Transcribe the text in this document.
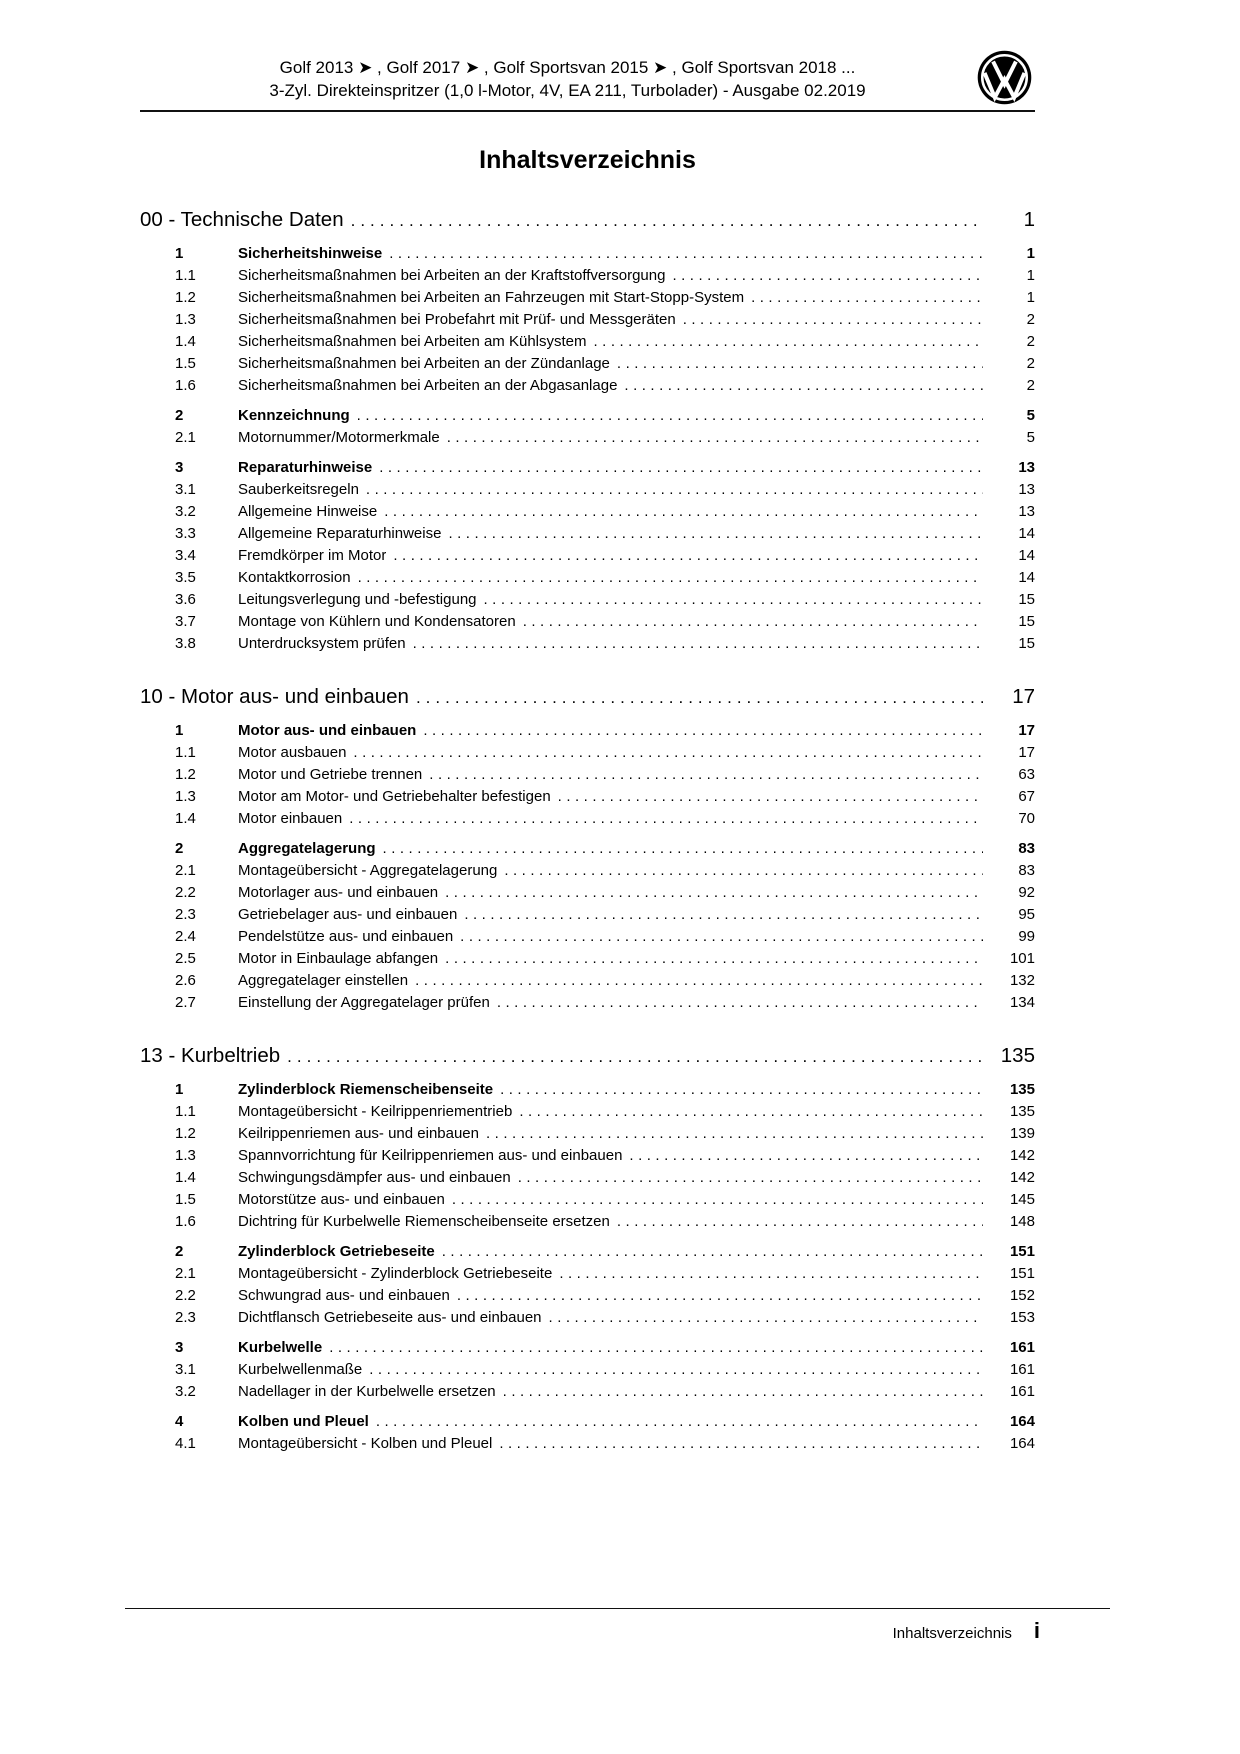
Golf 2013 ➤ , Golf 2017 ➤ , Golf Sportsvan 2015 ➤ , Golf Sportsvan 2018 ...
3-Zyl. Direkteinspritzer (1,0 l-Motor, 4V, EA 211, Turbolader) - Ausgabe 02.2019
Inhaltsverzeichnis
00 - Technische Daten .....	1
1	Sicherheitshinweise .....	1
1.1	Sicherheitsmaßnahmen bei Arbeiten an der Kraftstoffversorgung .....	1
1.2	Sicherheitsmaßnahmen bei Arbeiten an Fahrzeugen mit Start-Stopp-System .....	1
1.3	Sicherheitsmaßnahmen bei Probefahrt mit Prüf- und Messgeräten .....	2
1.4	Sicherheitsmaßnahmen bei Arbeiten am Kühlsystem .....	2
1.5	Sicherheitsmaßnahmen bei Arbeiten an der Zündanlage .....	2
1.6	Sicherheitsmaßnahmen bei Arbeiten an der Abgasanlage .....	2
2	Kennzeichnung .....	5
2.1	Motornummer/Motormerkmale .....	5
3	Reparaturhinweise .....	13
3.1	Sauberkeitsregeln .....	13
3.2	Allgemeine Hinweise .....	13
3.3	Allgemeine Reparaturhinweise .....	14
3.4	Fremdkörper im Motor .....	14
3.5	Kontaktkorrosion .....	14
3.6	Leitungsverlegung und -befestigung .....	15
3.7	Montage von Kühlern und Kondensatoren .....	15
3.8	Unterdrucksystem prüfen .....	15
10 - Motor aus- und einbauen .....	17
1	Motor aus- und einbauen .....	17
1.1	Motor ausbauen .....	17
1.2	Motor und Getriebe trennen .....	63
1.3	Motor am Motor- und Getriebehalter befestigen .....	67
1.4	Motor einbauen .....	70
2	Aggregatelagerung .....	83
2.1	Montageübersicht - Aggregatelagerung .....	83
2.2	Motorlager aus- und einbauen .....	92
2.3	Getriebelager aus- und einbauen .....	95
2.4	Pendelstütze aus- und einbauen .....	99
2.5	Motor in Einbaulage abfangen .....	101
2.6	Aggregatelager einstellen .....	132
2.7	Einstellung der Aggregatelager prüfen .....	134
13 - Kurbeltrieb .....	135
1	Zylinderblock Riemenscheibenseite .....	135
1.1	Montageübersicht - Keilrippenriementrieb .....	135
1.2	Keilrippenriemen aus- und einbauen .....	139
1.3	Spannvorrichtung für Keilrippenriemen aus- und einbauen .....	142
1.4	Schwingungsdämpfer aus- und einbauen .....	142
1.5	Motorstütze aus- und einbauen .....	145
1.6	Dichtring für Kurbelwelle Riemenscheibenseite ersetzen .....	148
2	Zylinderblock Getriebeseite .....	151
2.1	Montageübersicht - Zylinderblock Getriebeseite .....	151
2.2	Schwungrad aus- und einbauen .....	152
2.3	Dichtflansch Getriebeseite aus- und einbauen .....	153
3	Kurbelwelle .....	161
3.1	Kurbelwellenmaße .....	161
3.2	Nadellager in der Kurbelwelle ersetzen .....	161
4	Kolben und Pleuel .....	164
4.1	Montageübersicht - Kolben und Pleuel .....	164
Inhaltsverzeichnis i
